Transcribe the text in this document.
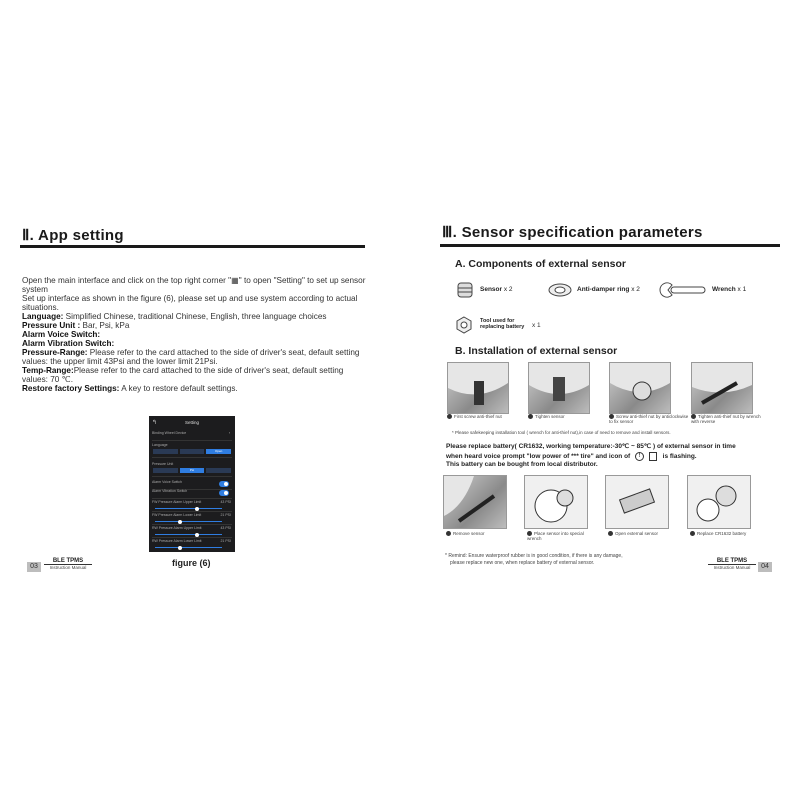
Ⅱ. App setting
Open the main interface and click on the top right corner "▦" to open "Setting" to set up sensor system
Set up interface as shown in the figure (6), please set up and use system according to actual situations.
Language: Simplified Chinese, traditional Chinese, English, three language choices
Pressure Unit : Bar, Psi, kPa
Alarm Voice Switch:
Alarm Vibration Switch:
Pressure-Range: Please refer to the card attached to the side of driver's seat, default setting values: the upper limit 43Psi and the lower limit 21Psi.
Temp-Range:Please refer to the card attached to the side of driver's seat, default setting values: 70 ℃.
Restore factory Settings: A key to restore default settings.
↰	Setting
Binding Wheel Device	›
Language
Open
Pressure Unit
Psi
Alarm Voice Switch
Alarm Vibration Switch
FW Pressure Alarm Upper Limit	43 PSI
FW Pressure Alarm Lower Limit	21 PSI
RW Pressure Alarm Upper Limit	43 PSI
RW Pressure Alarm Lower Limit	21 PSI
figure (6)
03
BLE TPMS
Instruction Manual
Ⅲ. Sensor specification parameters
A. Components of external sensor
Sensor x 2	Anti-damper ring x 2	Wrench x 1
Tool used for replacing battery	x 1
B. Installation of external sensor
First screw anti-thief nut	Tighten sensor	Screw anti-thief nut by anticlockwise to fix sensor
Tighten anti-thief nut by wrench with reverse
* Please safekeeping installation tool ( wrench for anti-thief nut),in case of need to remove and install sensors.
Please replace battery( CR1632, working temperature:-30℃ ~ 85℃ ) of external sensor in time
when heard voice prompt "low power of *** tire" and icon of !	is flashing.
This battery can be bought from local distributor.
Remove sensor	Place sensor into special wrench
Open external sensor	Replace CR1632 battery
* Remind: Ensure waterproof rubber is in good condition, if there is any damage,
please replace new one, when replace battery of external sensor.	BLE TPMS
Instruction Manual	04
